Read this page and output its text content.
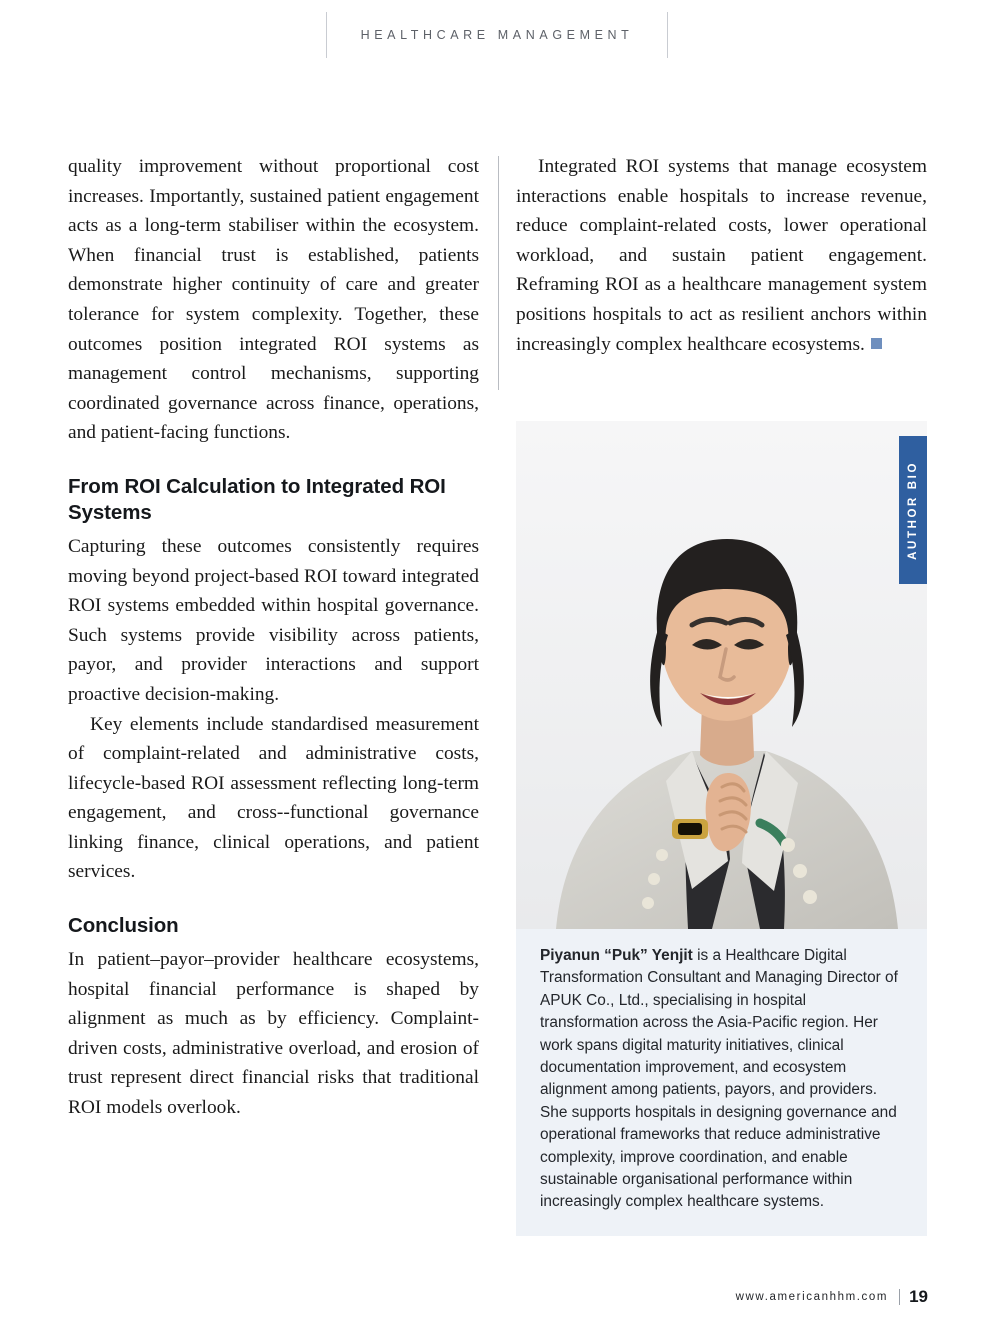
HEALTHCARE MANAGEMENT

quality improvement without proportional cost increases. Importantly, sustained patient engagement acts as a long-term stabiliser within the ecosystem. When financial trust is established, patients demonstrate higher continuity of care and greater tolerance for system complexity. Together, these outcomes position integrated ROI systems as management control mechanisms, supporting coordinated governance across finance, operations, and patient-facing functions.

From ROI Calculation to Integrated ROI Systems

Capturing these outcomes consistently requires moving beyond project-based ROI toward integrated ROI systems embedded within hospital governance. Such systems provide visibility across patients, payor, and provider interactions and support proactive decision-making.

Key elements include standardised measurement of complaint-related and administrative costs, lifecycle-based ROI assessment reflecting long-term engagement, and cross--functional governance linking finance, clinical operations, and patient services.

Conclusion

In patient–payor–provider healthcare ecosystems, hospital financial performance is shaped by alignment as much as by efficiency. Complaint-driven costs, administrative overload, and erosion of trust represent direct financial risks that traditional ROI models overlook.

Integrated ROI systems that manage ecosystem interactions enable hospitals to increase revenue, reduce complaint-related costs, lower operational workload, and sustain patient engagement. Reframing ROI as a healthcare management system positions hospitals to act as resilient anchors within increasingly complex healthcare ecosystems.

AUTHOR BIO
Piyanun “Puk” Yenjit is a Healthcare Digital Transformation Consultant and Managing Director of APUK Co., Ltd., specialising in hospital transformation across the Asia-Pacific region. Her work spans digital maturity initiatives, clinical documentation improvement, and ecosystem alignment among patients, payors, and providers. She supports hospitals in designing governance and operational frameworks that reduce administrative complexity, improve coordination, and enable sustainable organisational performance within increasingly complex healthcare systems.
www.americanhhm.com 19
